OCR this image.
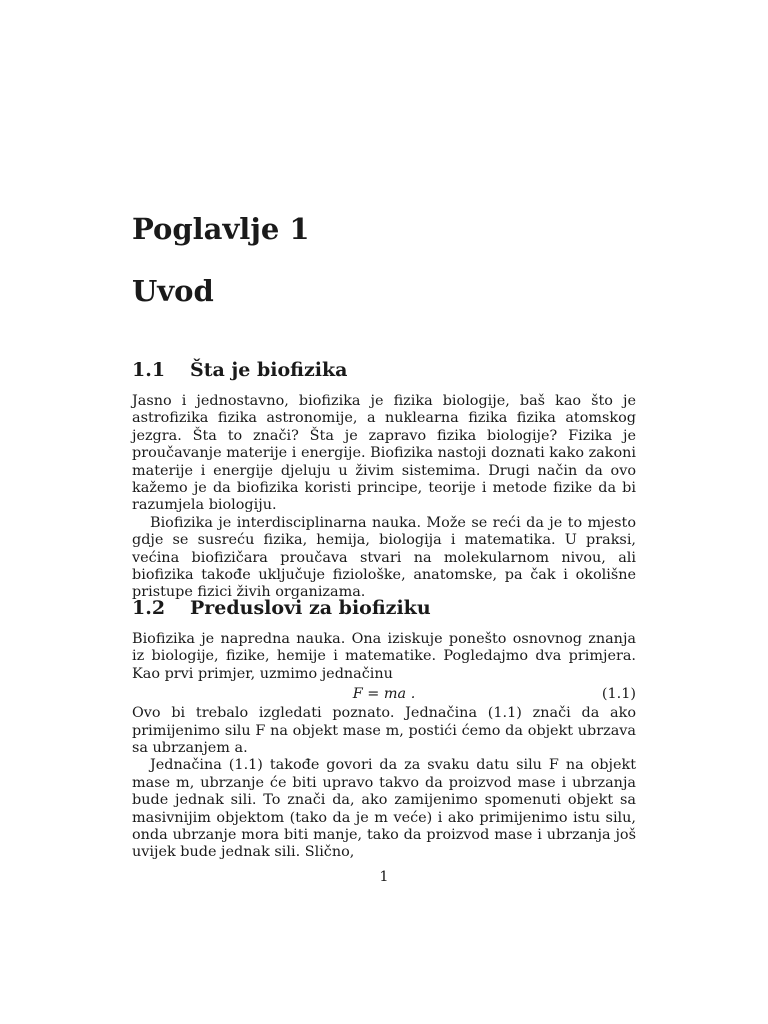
Poglavlje 1
Uvod
1.1 Šta je biofizika

Jasno i jednostavno, biofizika je fizika biologije, baš kao što je astrofizika fizika astronomije, a nuklearna fizika fizika atomskog jezgra. Šta to znači? Šta je zapravo fizika biologije? Fizika je proučavanje materije i energije. Biofizika nastoji doznati kako zakoni materije i energije djeluju u živim sistemima. Drugi način da ovo kažemo je da biofizika koristi principe, teorije i metode fizike da bi razumjela biologiju.

Biofizika je interdisciplinarna nauka. Može se reći da je to mjesto gdje se susreću fizika, hemija, biologija i matematika. U praksi, većina biofizičara proučava stvari na molekularnom nivou, ali biofizika takođe uključuje fiziološke, anatomske, pa čak i okolišne pristupe fizici živih organizama.

1.2 Preduslovi za biofiziku

Biofizika je napredna nauka. Ona iziskuje ponešto osnovnog znanja iz biologije, fizike, hemije i matematike. Pogledajmo dva primjera. Kao prvi primjer, uzmimo jednačinu

F = ma .	(1.1)

Ovo bi trebalo izgledati poznato. Jednačina (1.1) znači da ako primijenimo silu F na objekt mase m, postići ćemo da objekt ubrzava sa ubrzanjem a.

Jednačina (1.1) takođe govori da za svaku datu silu F na objekt mase m, ubrzanje će biti upravo takvo da proizvod mase i ubrzanja bude jednak sili. To znači da, ako zamijenimo spomenuti objekt sa masivnijim objektom (tako da je m veće) i ako primijenimo istu silu, onda ubrzanje mora biti manje, tako da proizvod mase i ubrzanja još uvijek bude jednak sili. Slično,

1
